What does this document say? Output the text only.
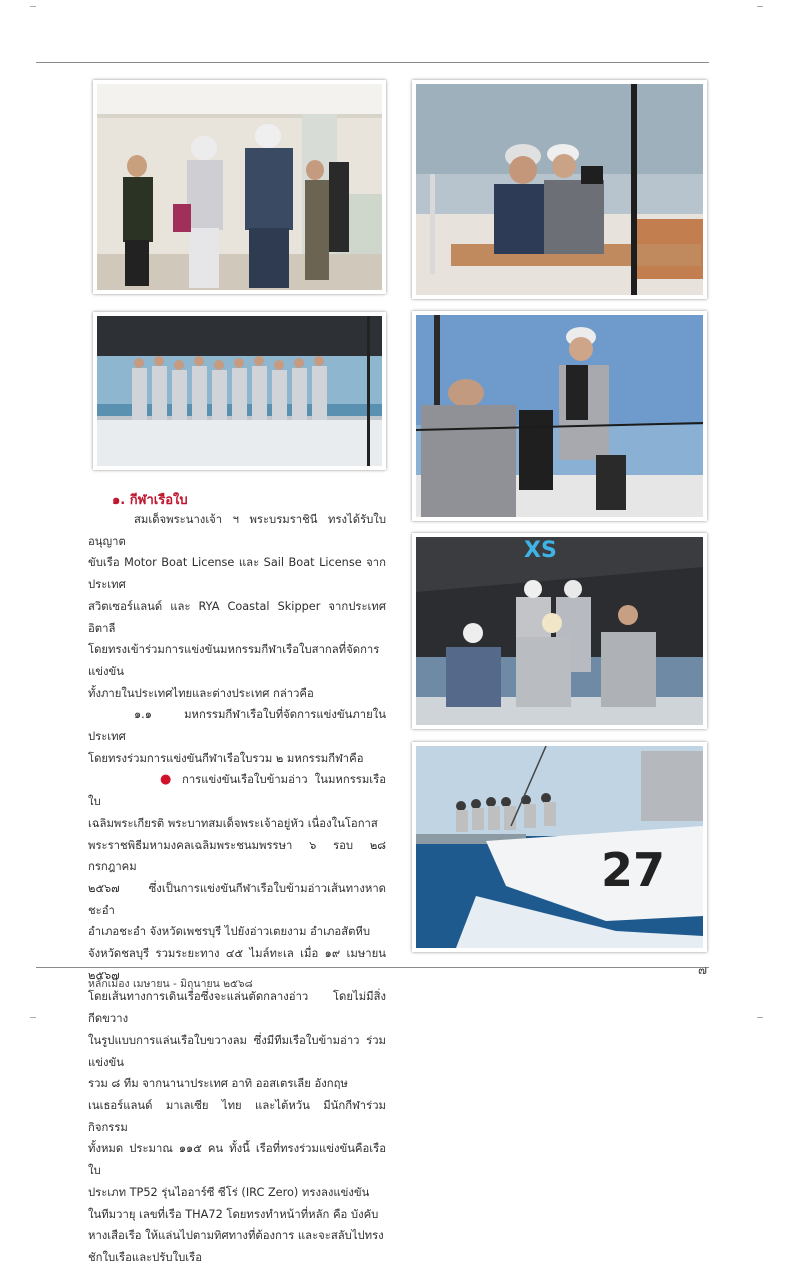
XS
27
๑. กีฬาเรือใบ

สมเด็จพระนางเจ้า ฯ พระบรมราชินี ทรงได้รับใบอนุญาต

ขับเรือ Motor Boat License และ Sail Boat License จากประเทศ

สวิตเซอร์แลนด์ และ RYA Coastal Skipper จากประเทศอิตาลี

โดยทรงเข้าร่วมการแข่งขันมหกรรมกีฬาเรือใบสากลที่จัดการแข่งขัน

ทั้งภายในประเทศไทยและต่างประเทศ กล่าวคือ

๑.๑ มหกรรมกีฬาเรือใบที่จัดการแข่งขันภายในประเทศ

โดยทรงร่วมการแข่งขันกีฬาเรือใบรวม ๒ มหกรรมกีฬาคือ

● การแข่งขันเรือใบข้ามอ่าว ในมหกรรมเรือใบ

เฉลิมพระเกียรติ พระบาทสมเด็จพระเจ้าอยู่หัว เนื่องในโอกาส

พระราชพิธีมหามงคลเฉลิมพระชนมพรรษา ๖ รอบ ๒๘ กรกฎาคม

๒๕๖๗ ซึ่งเป็นการแข่งขันกีฬาเรือใบข้ามอ่าวเส้นทางหาดชะอำ

อำเภอชะอำ จังหวัดเพชรบุรี ไปยังอ่าวเตยงาม อำเภอสัตหีบ

จังหวัดชลบุรี รวมระยะทาง ๔๕ ไมล์ทะเล เมื่อ ๑๙ เมษายน ๒๕๖๗

โดยเส้นทางการเดินเรือซึ่งจะแล่นตัดกลางอ่าว โดยไม่มีสิ่งกีดขวาง

ในรูปแบบการแล่นเรือใบขวางลม ซึ่งมีทีมเรือใบข้ามอ่าว ร่วมแข่งขัน

รวม ๘ ทีม จากนานาประเทศ อาทิ ออสเตรเลีย อังกฤษ

เนเธอร์แลนด์ มาเลเซีย ไทย และไต้หวัน มีนักกีฬาร่วมกิจกรรม

ทั้งหมด ประมาณ ๑๑๕ คน ทั้งนี้ เรือที่ทรงร่วมแข่งขันคือเรือใบ

ประเภท TP52 รุ่นไออาร์ซี ซีโร่ (IRC Zero) ทรงลงแข่งขัน

ในทีมวายุ เลขที่เรือ THA72 โดยทรงทำหน้าที่หลัก คือ บังคับ

หางเสือเรือ ให้แล่นไปตามทิศทางที่ต้องการ และจะสลับไปทรง

ชักใบเรือและปรับใบเรือ

หลักเมือง เมษายน - มิถุนายน ๒๕๖๘
๗
